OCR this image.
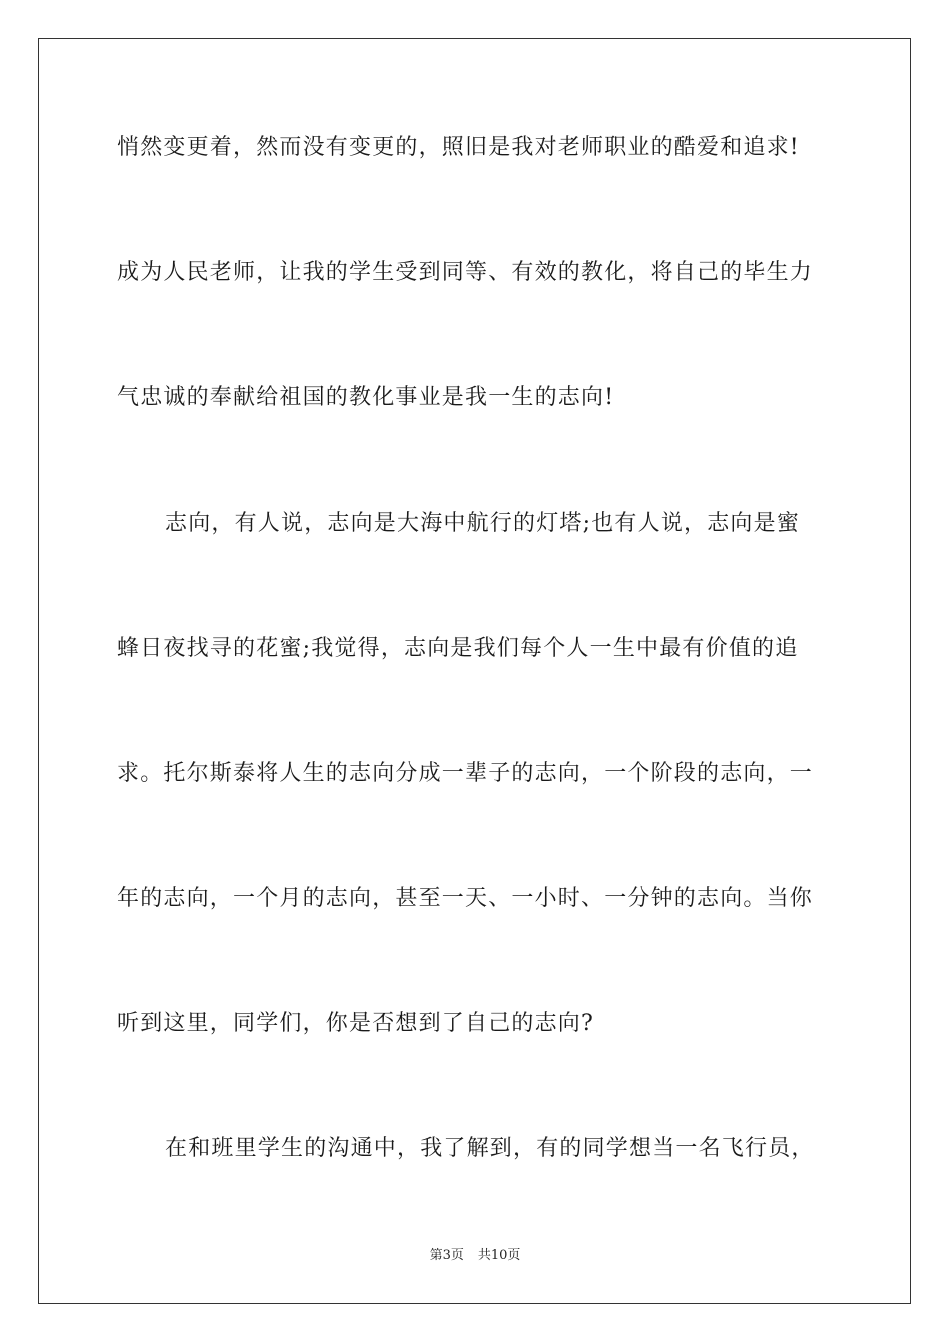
悄然变更着，然而没有变更的，照旧是我对老师职业的酷爱和追求!
成为人民老师，让我的学生受到同等、有效的教化，将自己的毕生力
气忠诚的奉献给祖国的教化事业是我一生的志向!
志向，有人说，志向是大海中航行的灯塔;也有人说，志向是蜜
蜂日夜找寻的花蜜;我觉得，志向是我们每个人一生中最有价值的追
求。托尔斯泰将人生的志向分成一辈子的志向，一个阶段的志向，一
年的志向，一个月的志向，甚至一天、一小时、一分钟的志向。当你
听到这里，同学们，你是否想到了自己的志向?
在和班里学生的沟通中，我了解到，有的同学想当一名飞行员，
第3页 共10页
